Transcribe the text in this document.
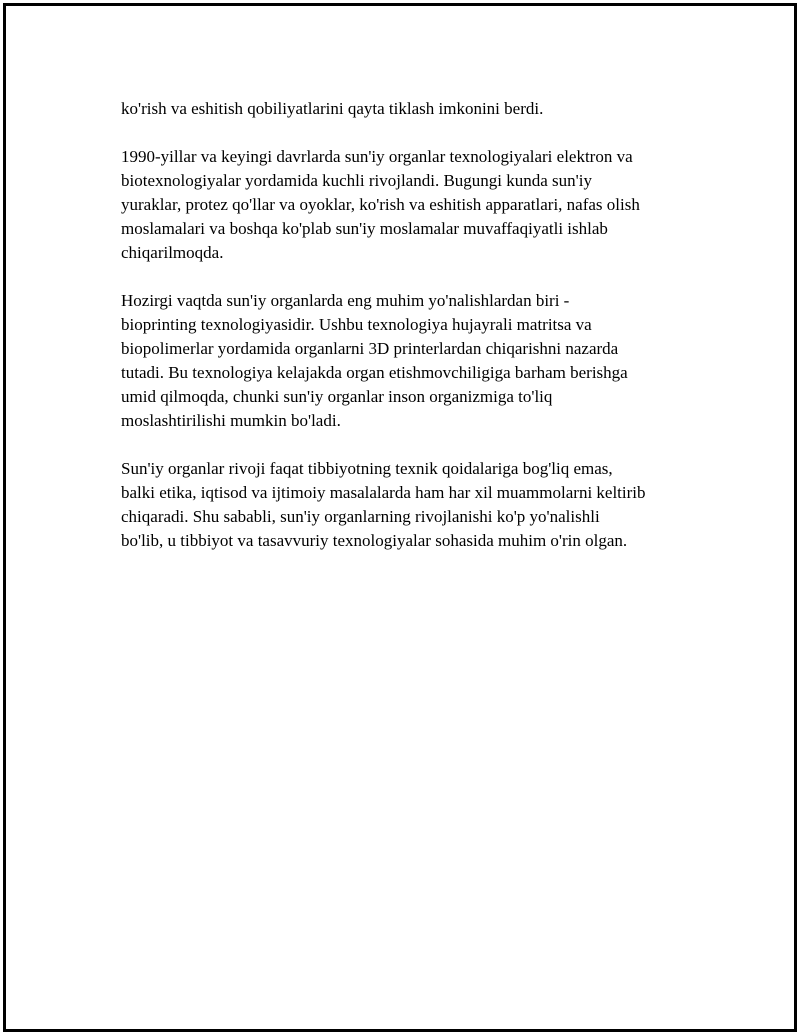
ko'rish va eshitish qobiliyatlarini qayta tiklash imkonini berdi.

1990-yillar va keyingi davrlarda sun'iy organlar texnologiyalari elektron va
biotexnologiyalar yordamida kuchli rivojlandi. Bugungi kunda sun'iy
yuraklar, protez qo'llar va oyoklar, ko'rish va eshitish apparatlari, nafas olish
moslamalari va boshqa ko'plab sun'iy moslamalar muvaffaqiyatli ishlab
chiqarilmoqda.

Hozirgi vaqtda sun'iy organlarda eng muhim yo'nalishlardan biri -
bioprinting texnologiyasidir. Ushbu texnologiya hujayrali matritsa va
biopolimerlar yordamida organlarni 3D printerlardan chiqarishni nazarda
tutadi. Bu texnologiya kelajakda organ etishmovchiligiga barham berishga
umid qilmoqda, chunki sun'iy organlar inson organizmiga to'liq
moslashtirilishi mumkin bo'ladi.

Sun'iy organlar rivoji faqat tibbiyotning texnik qoidalariga bog'liq emas,
balki etika, iqtisod va ijtimoiy masalalarda ham har xil muammolarni keltirib
chiqaradi. Shu sababli, sun'iy organlarning rivojlanishi ko'p yo'nalishli
bo'lib, u tibbiyot va tasavvuriy texnologiyalar sohasida muhim o'rin olgan.
